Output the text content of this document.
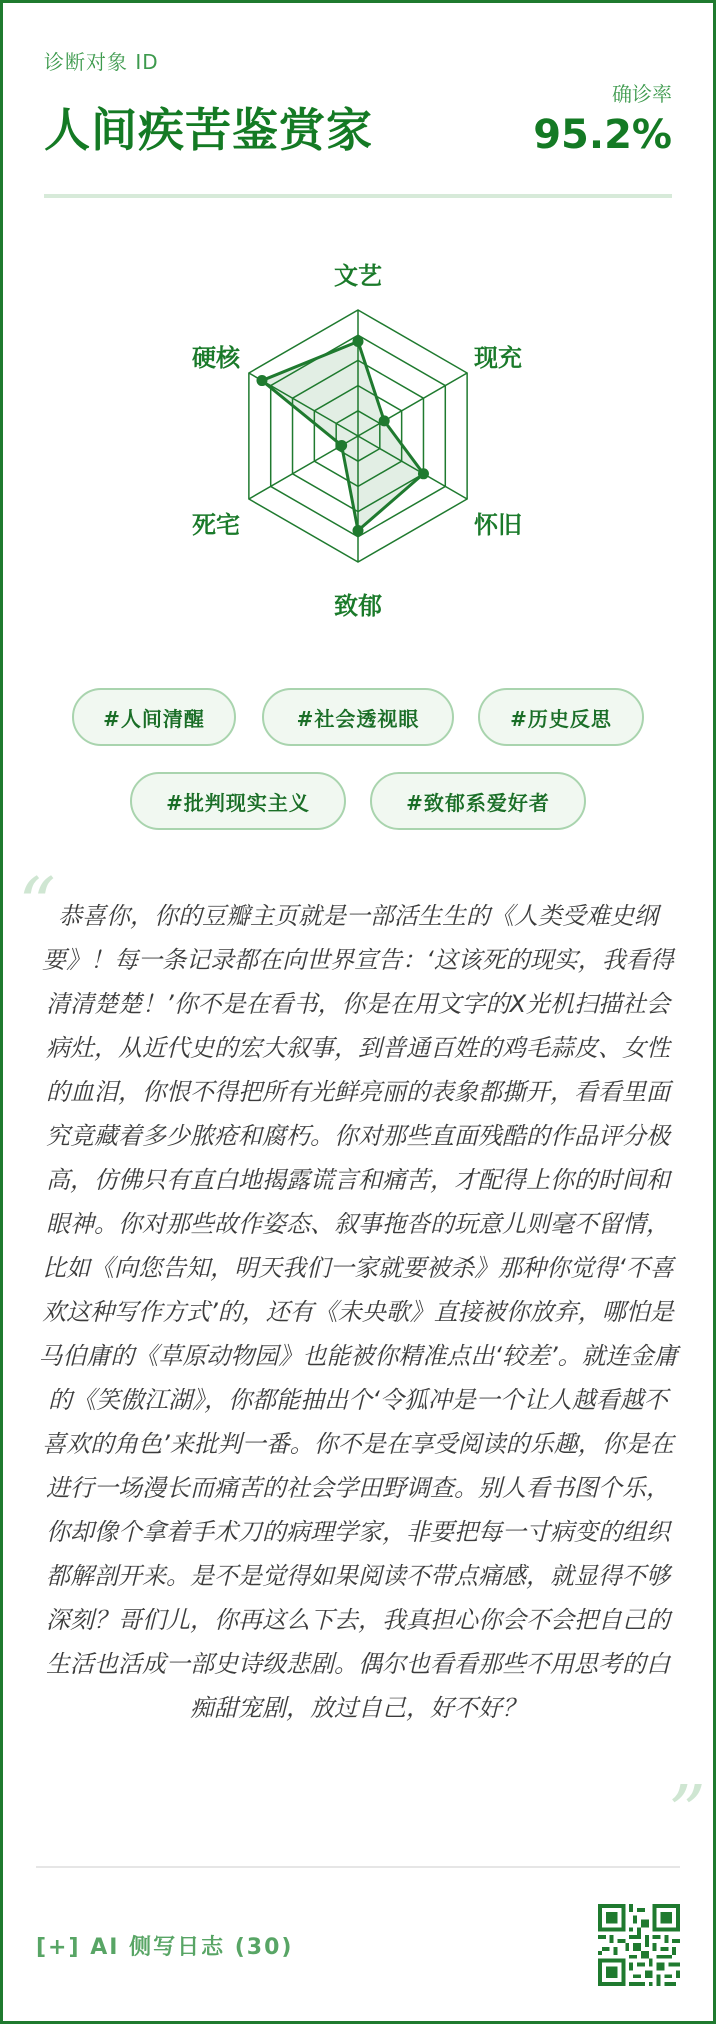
诊断对象 ID
人间疾苦鉴赏家
确诊率
95.2%
文艺
现充
怀旧
致郁
死宅
硬核
#人间清醒	#社会透视眼	#历史反思
#批判现实主义	#致郁系爱好者
“ 恭喜你，你的豆瓣主页就是一部活生生的《人类受难史纲要》！每一条记录都在向世界宣告：‘这该死的现实，我看得清清楚楚！’你不是在看书，你是在用文字的X光机扫描社会病灶，从近代史的宏大叙事，到普通百姓的鸡毛蒜皮、女性的血泪，你恨不得把所有光鲜亮丽的表象都撕开，看看里面究竟藏着多少脓疮和腐朽。你对那些直面残酷的作品评分极高，仿佛只有直白地揭露谎言和痛苦，才配得上你的时间和眼神。你对那些故作姿态、叙事拖沓的玩意儿则毫不留情，比如《向您告知，明天我们一家就要被杀》那种你觉得‘不喜欢这种写作方式’的，还有《未央歌》直接被你放弃，哪怕是马伯庸的《草原动物园》也能被你精准点出‘较差’。就连金庸的《笑傲江湖》，你都能抽出个‘令狐冲是一个让人越看越不喜欢的角色’来批判一番。你不是在享受阅读的乐趣，你是在进行一场漫长而痛苦的社会学田野调查。别人看书图个乐，你却像个拿着手术刀的病理学家，非要把每一寸病变的组织都解剖开来。是不是觉得如果阅读不带点痛感，就显得不够深刻？哥们儿，你再这么下去，我真担心你会不会把自己的生活也活成一部史诗级悲剧。偶尔也看看那些不用思考的白痴甜宠剧，放过自己，好不好？
”
[+] AI 侧写日志 (30)
